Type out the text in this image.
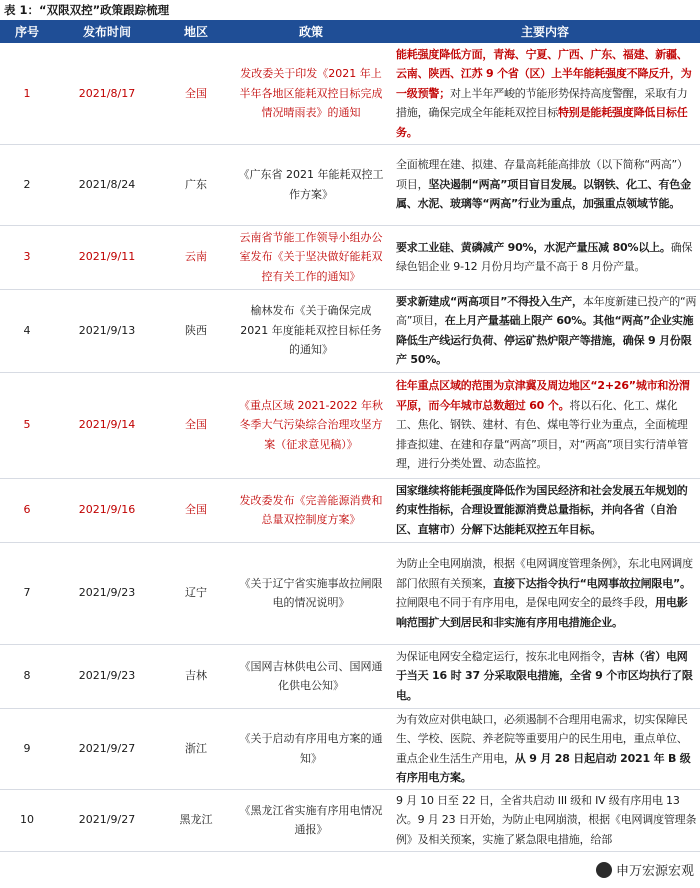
表 1：“双限双控”政策跟踪梳理
序号	发布时间	地区	政策	主要内容
1	2021/8/17	全国	发改委关于印发《2021 年上半年各地区能耗双控目标完成情况晴雨表》的通知	能耗强度降低方面，青海、宁夏、广西、广东、福建、新疆、云南、陕西、江苏 9 个省（区）上半年能耗强度不降反升，为一级预警；对上半年严峻的节能形势保持高度警醒，采取有力措施，确保完成全年能耗双控目标特别是能耗强度降低目标任务。
2	2021/8/24	广东	《广东省 2021 年能耗双控工作方案》	全面梳理在建、拟建、存量高耗能高排放（以下简称“两高”）项目，坚决遏制“两高”项目盲目发展。以钢铁、化工、有色金属、水泥、玻璃等“两高”行业为重点，加强重点领域节能。
3	2021/9/11	云南	云南省节能工作领导小组办公室发布《关于坚决做好能耗双控有关工作的通知》	要求工业硅、黄磷减产 90%，水泥产量压减 80%以上。确保绿色铝企业 9-12 月份月均产量不高于 8 月份产量。
4	2021/9/13	陕西	榆林发布《关于确保完成 2021 年度能耗双控目标任务的通知》	要求新建成“两高项目”不得投入生产，本年度新建已投产的“两高”项目，在上月产量基础上限产 60%。其他“两高”企业实施降低生产线运行负荷、停运矿热炉限产等措施，确保 9 月份限产 50%。
5	2021/9/14	全国	《重点区域 2021-2022 年秋冬季大气污染综合治理攻坚方案（征求意见稿）》	往年重点区域的范围为京津冀及周边地区“2+26”城市和汾渭平原，而今年城市总数超过 60 个。将以石化、化工、煤化工、焦化、钢铁、建材、有色、煤电等行业为重点，全面梳理排查拟建、在建和存量“两高”项目，对“两高”项目实行清单管理，进行分类处置、动态监控。
6	2021/9/16	全国	发改委发布《完善能源消费和总量双控制度方案》	国家继续将能耗强度降低作为国民经济和社会发展五年规划的约束性指标，合理设置能源消费总量指标，并向各省（自治区、直辖市）分解下达能耗双控五年目标。
7	2021/9/23	辽宁	《关于辽宁省实施事故拉闸限电的情况说明》	为防止全电网崩溃，根据《电网调度管理条例》，东北电网调度部门依照有关预案，直接下达指令执行“电网事故拉闸限电”。拉闸限电不同于有序用电，是保电网安全的最终手段，用电影响范围扩大到居民和非实施有序用电措施企业。
8	2021/9/23	吉林	《国网吉林供电公司、国网通化供电公知》	为保证电网安全稳定运行，按东北电网指令，吉林（省）电网于当天 16 时 37 分采取限电措施，全省 9 个市区均执行了限电。
9	2021/9/27	浙江	《关于启动有序用电方案的通知》	为有效应对供电缺口，必须遏制不合理用电需求，切实保障民生、学校、医院、养老院等重要用户的民生用电，重点单位、重点企业生活生产用电，从 9 月 28 日起启动 2021 年 B 级有序用电方案。
10	2021/9/27	黑龙江	《黑龙江省实施有序用电情况通报》	9 月 10 日至 22 日，全省共启动 III 级和 IV 级有序用电 13 次。9 月 23 日开始，为防止电网崩溃，根据《电网调度管理条例》及相关预案，实施了紧急限电措施，给部
申万宏源宏观
